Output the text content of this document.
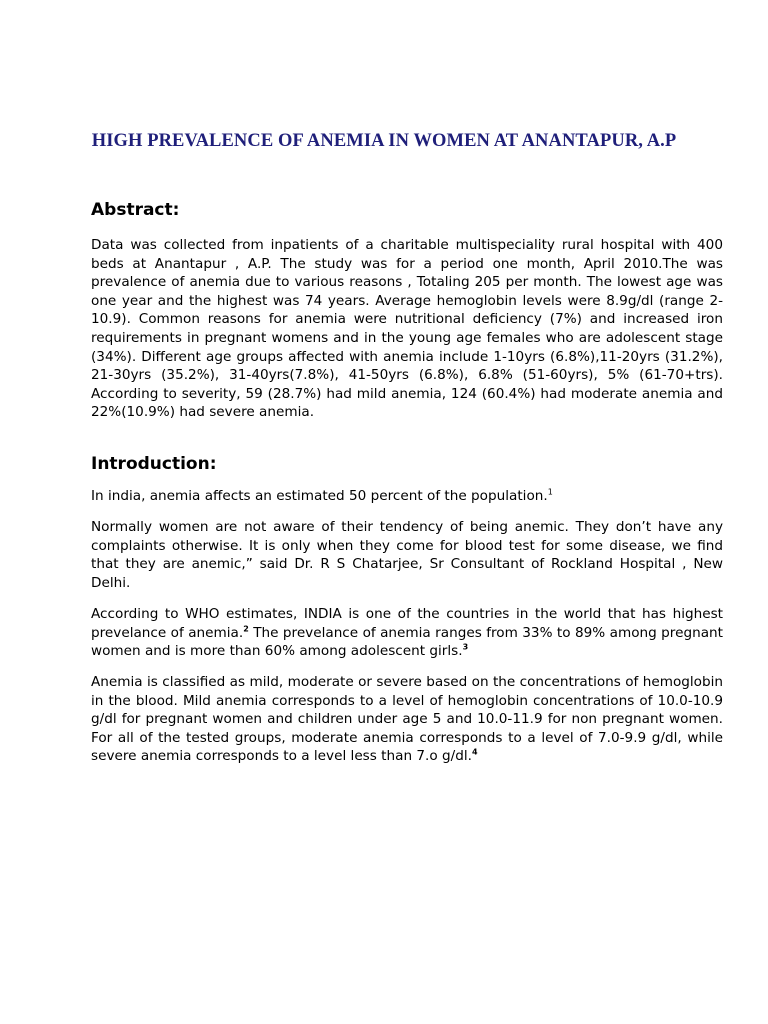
HIGH PREVALENCE OF ANEMIA IN WOMEN AT ANANTAPUR, A.P
Abstract:
Data was collected from inpatients of a charitable multispeciality rural hospital with 400 beds at Anantapur , A.P. The study was for a period one month, April 2010.The was prevalence of anemia due to various reasons , Totaling 205 per month. The lowest age was one year and the highest was 74 years. Average hemoglobin levels were 8.9g/dl (range 2-10.9). Common reasons for anemia were nutritional deficiency (7%) and increased iron requirements in pregnant womens and in the young age females who are adolescent stage (34%). Different age groups affected with anemia include 1-10yrs (6.8%),11-20yrs (31.2%), 21-30yrs (35.2%), 31-40yrs(7.8%), 41-50yrs (6.8%), 6.8% (51-60yrs), 5% (61-70+trs). According to severity, 59 (28.7%) had mild anemia, 124 (60.4%) had moderate anemia and 22%(10.9%) had severe anemia.
Introduction:
In india, anemia affects an estimated 50 percent of the population.$^1$
Normally women are not aware of their tendency of being anemic. They don’t have any complaints otherwise. It is only when they come for blood test for some disease, we find that they are anemic,” said Dr. R S Chatarjee, Sr Consultant of Rockland Hospital , New Delhi.
According to WHO estimates, INDIA is one of the countries in the world that has highest prevelance of anemia.$^2$ The prevelance of anemia ranges from 33% to 89% among pregnant women and is more than 60% among adolescent girls.$^3$
Anemia is classified as mild, moderate or severe based on the concentrations of hemoglobin in the blood. Mild anemia corresponds to a level of hemoglobin concentrations of 10.0-10.9 g/dl for pregnant women and children under age 5 and 10.0-11.9 for non pregnant women. For all of the tested groups, moderate anemia corresponds to a level of 7.0-9.9 g/dl, while severe anemia corresponds to a level less than 7.o g/dl.$^4$
